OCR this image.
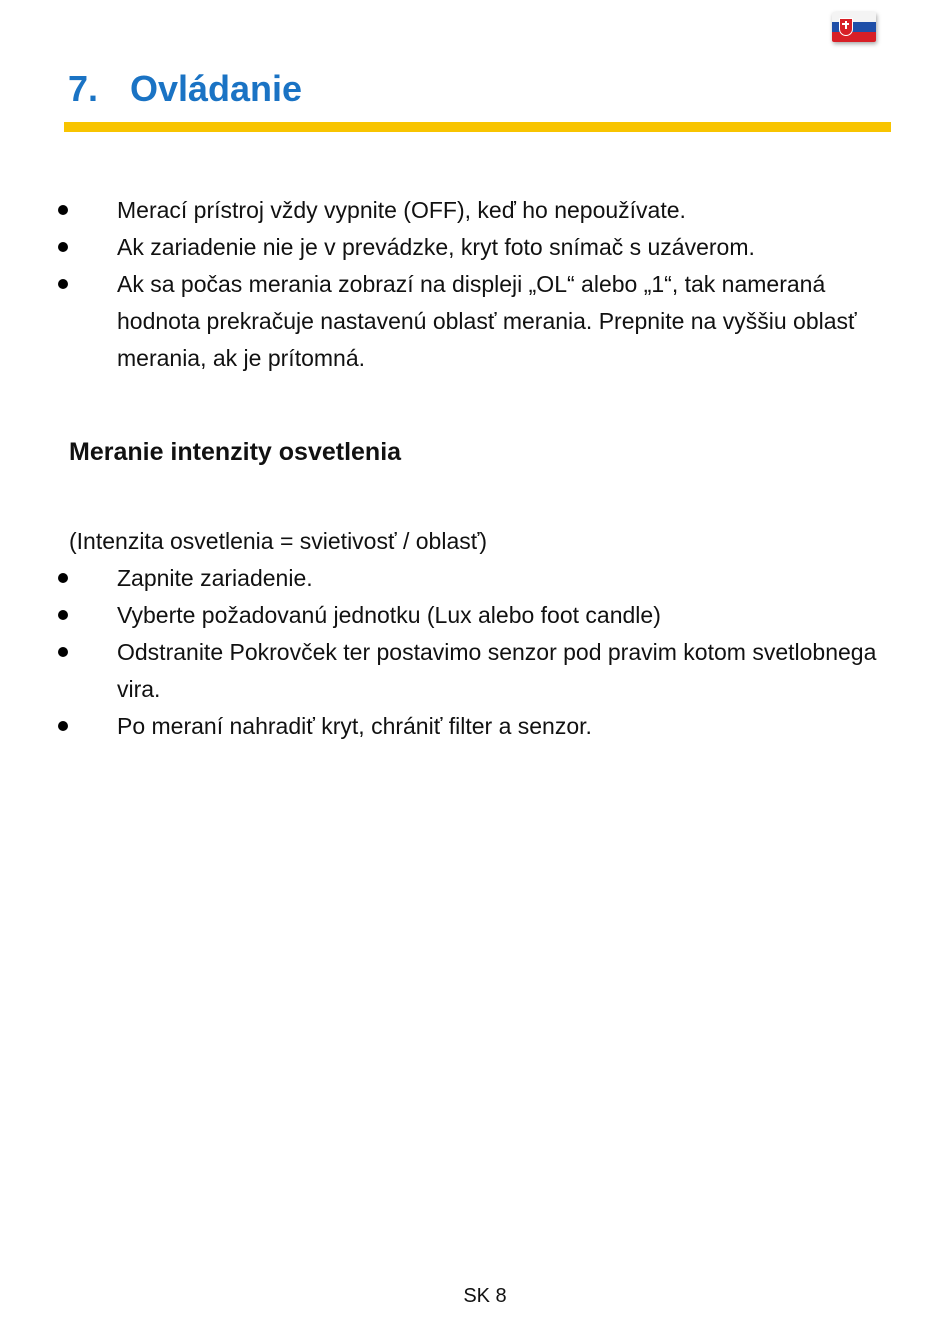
7. Ovládanie
Merací prístroj vždy vypnite (OFF), keď ho nepoužívate.
Ak zariadenie nie je v prevádzke, kryt foto snímač s uzáverom.
Ak sa počas merania zobrazí na displeji „OL“ alebo „1“, tak nameraná hodnota prekračuje nastavenú oblasť merania. Prepnite na vyššiu oblasť merania, ak je prítomná.
Meranie intenzity osvetlenia

(Intenzita osvetlenia = svietivosť / oblasť)

Zapnite zariadenie.
Vyberte požadovanú jednotku (Lux alebo foot candle)
Odstranite Pokrovček ter postavimo senzor pod pravim kotom svetlobnega vira.
Po meraní nahradiť kryt, chrániť filter a senzor.
SK 8
